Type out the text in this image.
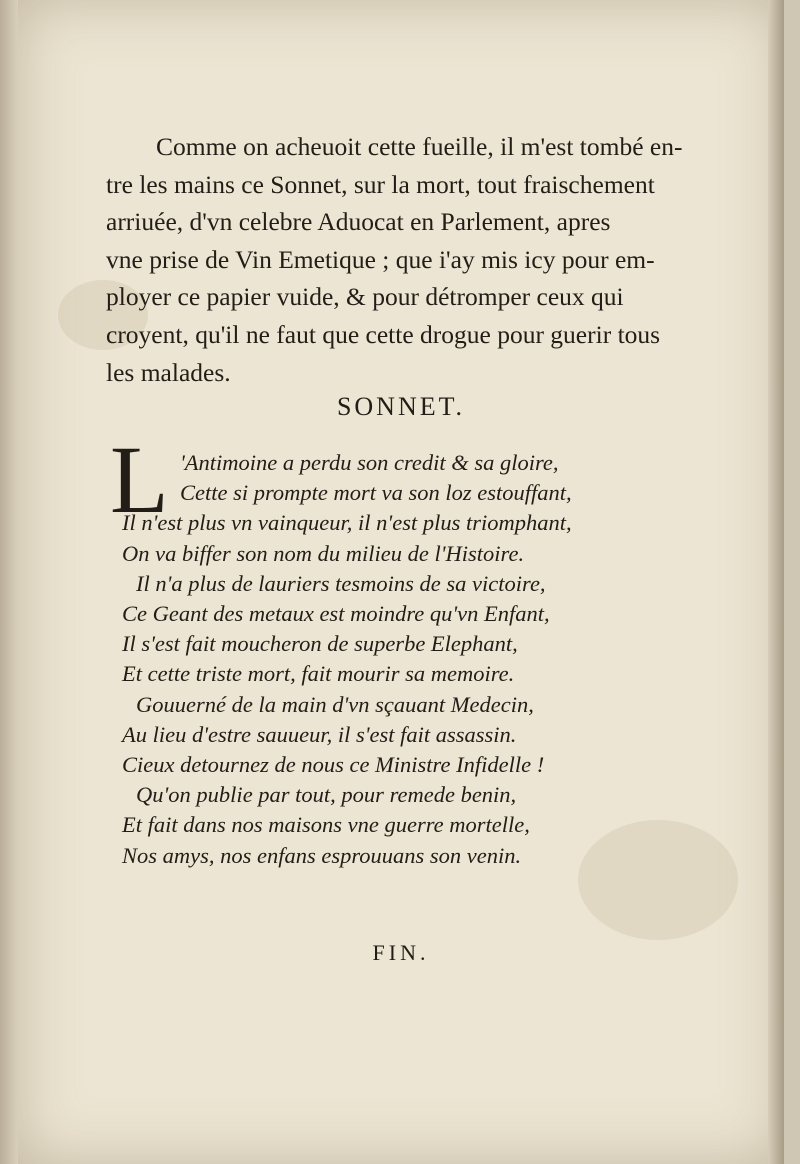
Comme on acheuoit cette fueille, il m'est tombé en-
tre les mains ce Sonnet, sur la mort, tout fraischement
arriuée, d'vn celebre Aduocat en Parlement, apres
vne prise de Vin Emetique ; que i'ay mis icy pour em-
ployer ce papier vuide, & pour détromper ceux qui
croyent, qu'il ne faut que cette drogue pour guerir tous
les malades.
SONNET.
L 'Antimoine a perdu son credit & sa gloire,
Cette si prompte mort va son loz estouffant,
Il n'est plus vn vainqueur, il n'est plus triomphant,
On va biffer son nom du milieu de l'Histoire.
Il n'a plus de lauriers tesmoins de sa victoire,
Ce Geant des metaux est moindre qu'vn Enfant,
Il s'est fait moucheron de superbe Elephant,
Et cette triste mort, fait mourir sa memoire.
Gouuerné de la main d'vn sçauant Medecin,
Au lieu d'estre sauueur, il s'est fait assassin.
Cieux detournez de nous ce Ministre Infidelle !
Qu'on publie par tout, pour remede benin,
Et fait dans nos maisons vne guerre mortelle,
Nos amys, nos enfans esprouuans son venin.
FIN.
